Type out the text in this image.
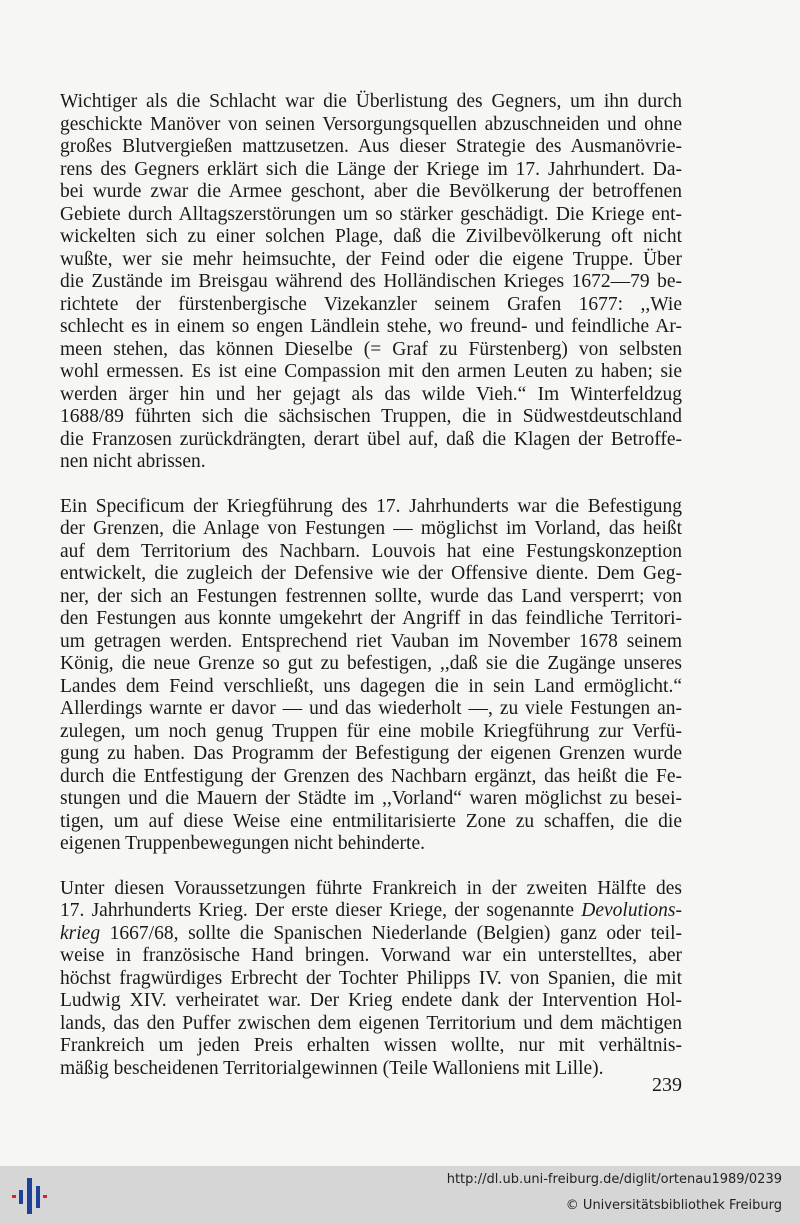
Wichtiger als die Schlacht war die Überlistung des Gegners, um ihn durch
geschickte Manöver von seinen Versorgungsquellen abzuschneiden und ohne
großes Blutvergießen mattzusetzen. Aus dieser Strategie des Ausmanövrie-
rens des Gegners erklärt sich die Länge der Kriege im 17. Jahrhundert. Da-
bei wurde zwar die Armee geschont, aber die Bevölkerung der betroffenen
Gebiete durch Alltagszerstörungen um so stärker geschädigt. Die Kriege ent-
wickelten sich zu einer solchen Plage, daß die Zivilbevölkerung oft nicht
wußte, wer sie mehr heimsuchte, der Feind oder die eigene Truppe. Über
die Zustände im Breisgau während des Holländischen Krieges 1672—79 be-
richtete der fürstenbergische Vizekanzler seinem Grafen 1677: ,,Wie
schlecht es in einem so engen Ländlein stehe, wo freund- und feindliche Ar-
meen stehen, das können Dieselbe (= Graf zu Fürstenberg) von selbsten
wohl ermessen. Es ist eine Compassion mit den armen Leuten zu haben; sie
werden ärger hin und her gejagt als das wilde Vieh.“ Im Winterfeldzug
1688/89 führten sich die sächsischen Truppen, die in Südwestdeutschland
die Franzosen zurückdrängten, derart übel auf, daß die Klagen der Betroffe-
nen nicht abrissen.

Ein Specificum der Kriegführung des 17. Jahrhunderts war die Befestigung
der Grenzen, die Anlage von Festungen — möglichst im Vorland, das heißt
auf dem Territorium des Nachbarn. Louvois hat eine Festungskonzeption
entwickelt, die zugleich der Defensive wie der Offensive diente. Dem Geg-
ner, der sich an Festungen festrennen sollte, wurde das Land versperrt; von
den Festungen aus konnte umgekehrt der Angriff in das feindliche Territori-
um getragen werden. Entsprechend riet Vauban im November 1678 seinem
König, die neue Grenze so gut zu befestigen, ,,daß sie die Zugänge unseres
Landes dem Feind verschließt, uns dagegen die in sein Land ermöglicht.“
Allerdings warnte er davor — und das wiederholt —, zu viele Festungen an-
zulegen, um noch genug Truppen für eine mobile Kriegführung zur Verfü-
gung zu haben. Das Programm der Befestigung der eigenen Grenzen wurde
durch die Entfestigung der Grenzen des Nachbarn ergänzt, das heißt die Fe-
stungen und die Mauern der Städte im ,,Vorland“ waren möglichst zu besei-
tigen, um auf diese Weise eine entmilitarisierte Zone zu schaffen, die die
eigenen Truppenbewegungen nicht behinderte.

Unter diesen Voraussetzungen führte Frankreich in der zweiten Hälfte des
17. Jahrhunderts Krieg. Der erste dieser Kriege, der sogenannte Devolutions-
krieg 1667/68, sollte die Spanischen Niederlande (Belgien) ganz oder teil-
weise in französische Hand bringen. Vorwand war ein unterstelltes, aber
höchst fragwürdiges Erbrecht der Tochter Philipps IV. von Spanien, die mit
Ludwig XIV. verheiratet war. Der Krieg endete dank der Intervention Hol-
lands, das den Puffer zwischen dem eigenen Territorium und dem mächtigen
Frankreich um jeden Preis erhalten wissen wollte, nur mit verhältnis-
mäßig bescheidenen Territorialgewinnen (Teile Walloniens mit Lille).

239
http://dl.ub.uni-freiburg.de/diglit/ortenau1989/0239
© Universitätsbibliothek Freiburg
